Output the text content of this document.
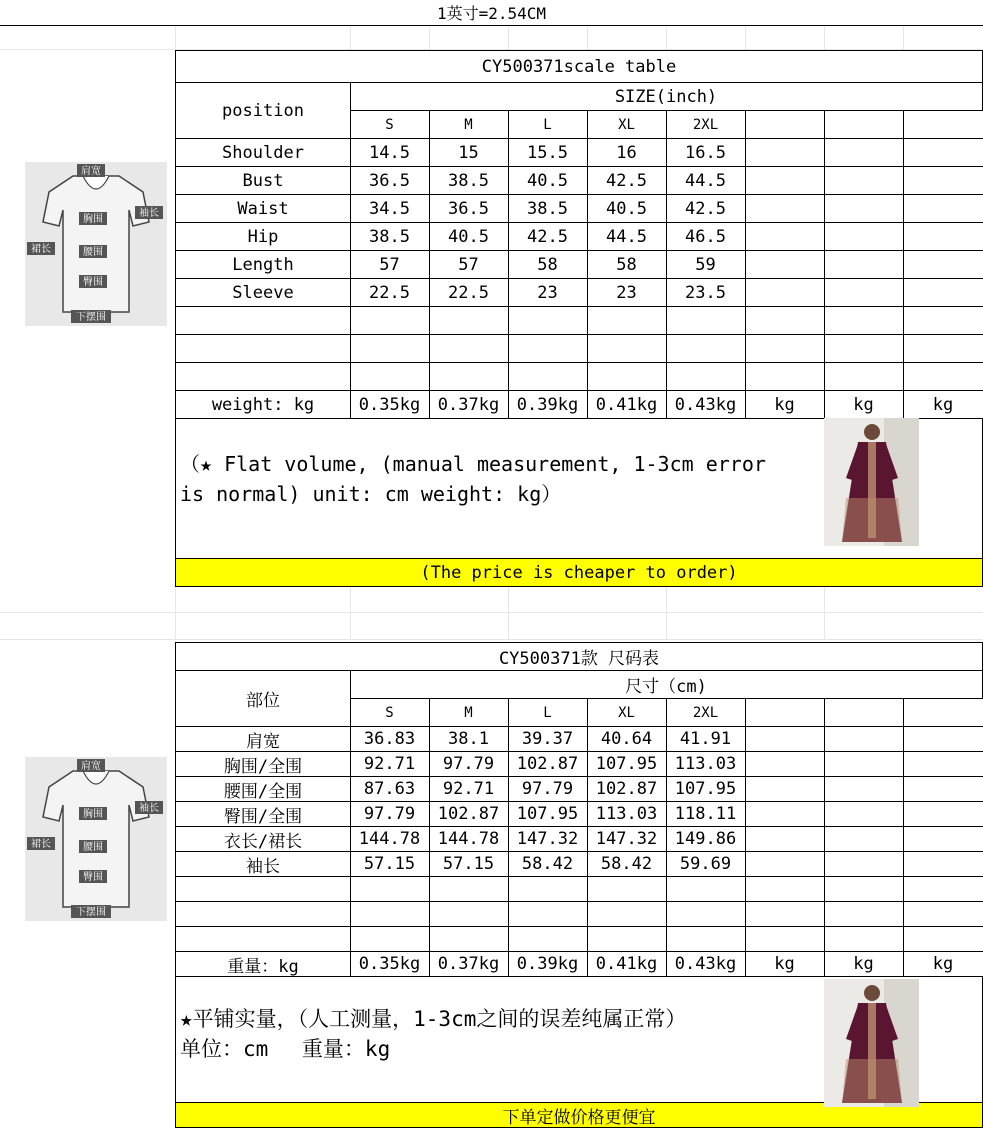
1英寸=2.54CM
CY500371scale table
position
SIZE(inch)
S	M	L	XL	2XL
Shoulder	14.5	15	15.5	16	16.5
Bust	36.5	38.5	40.5	42.5	44.5
Waist	34.5	36.5	38.5	40.5	42.5
Hip	38.5	40.5	42.5	44.5	46.5
Length	57	57	58	58	59
Sleeve	22.5	22.5	23	23	23.5
weight: kg	0.35kg	0.37kg	0.39kg	0.41kg	0.43kg	kg	kg	kg
（★ Flat volume, (manual measurement, 1-3cm error is normal) unit: cm weight: kg）
(The price is cheaper to order)
CY500371款 尺码表
部位
尺寸（cm)
S	M	L	XL	2XL
肩宽	36.83	38.1	39.37	40.64	41.91
胸围/全围	92.71	97.79	102.87	107.95	113.03
腰围/全围	87.63	92.71	97.79	102.87	107.95
臀围/全围	97.79	102.87	107.95	113.03	118.11
衣长/裙长	144.78	144.78	147.32	147.32	149.86
袖长	57.15	57.15	58.42	58.42	59.69
重量：kg	0.35kg	0.37kg	0.39kg	0.41kg	0.43kg	kg	kg	kg
★平铺实量，（人工测量，1-3cm之间的误差纯属正常）
单位：cm　 重量：kg
下单定做价格更便宜
肩宽
胸围
袖长
腰围
裙长
臀围
下摆围
肩宽
胸围
袖长
腰围
裙长
臀围
下摆围
